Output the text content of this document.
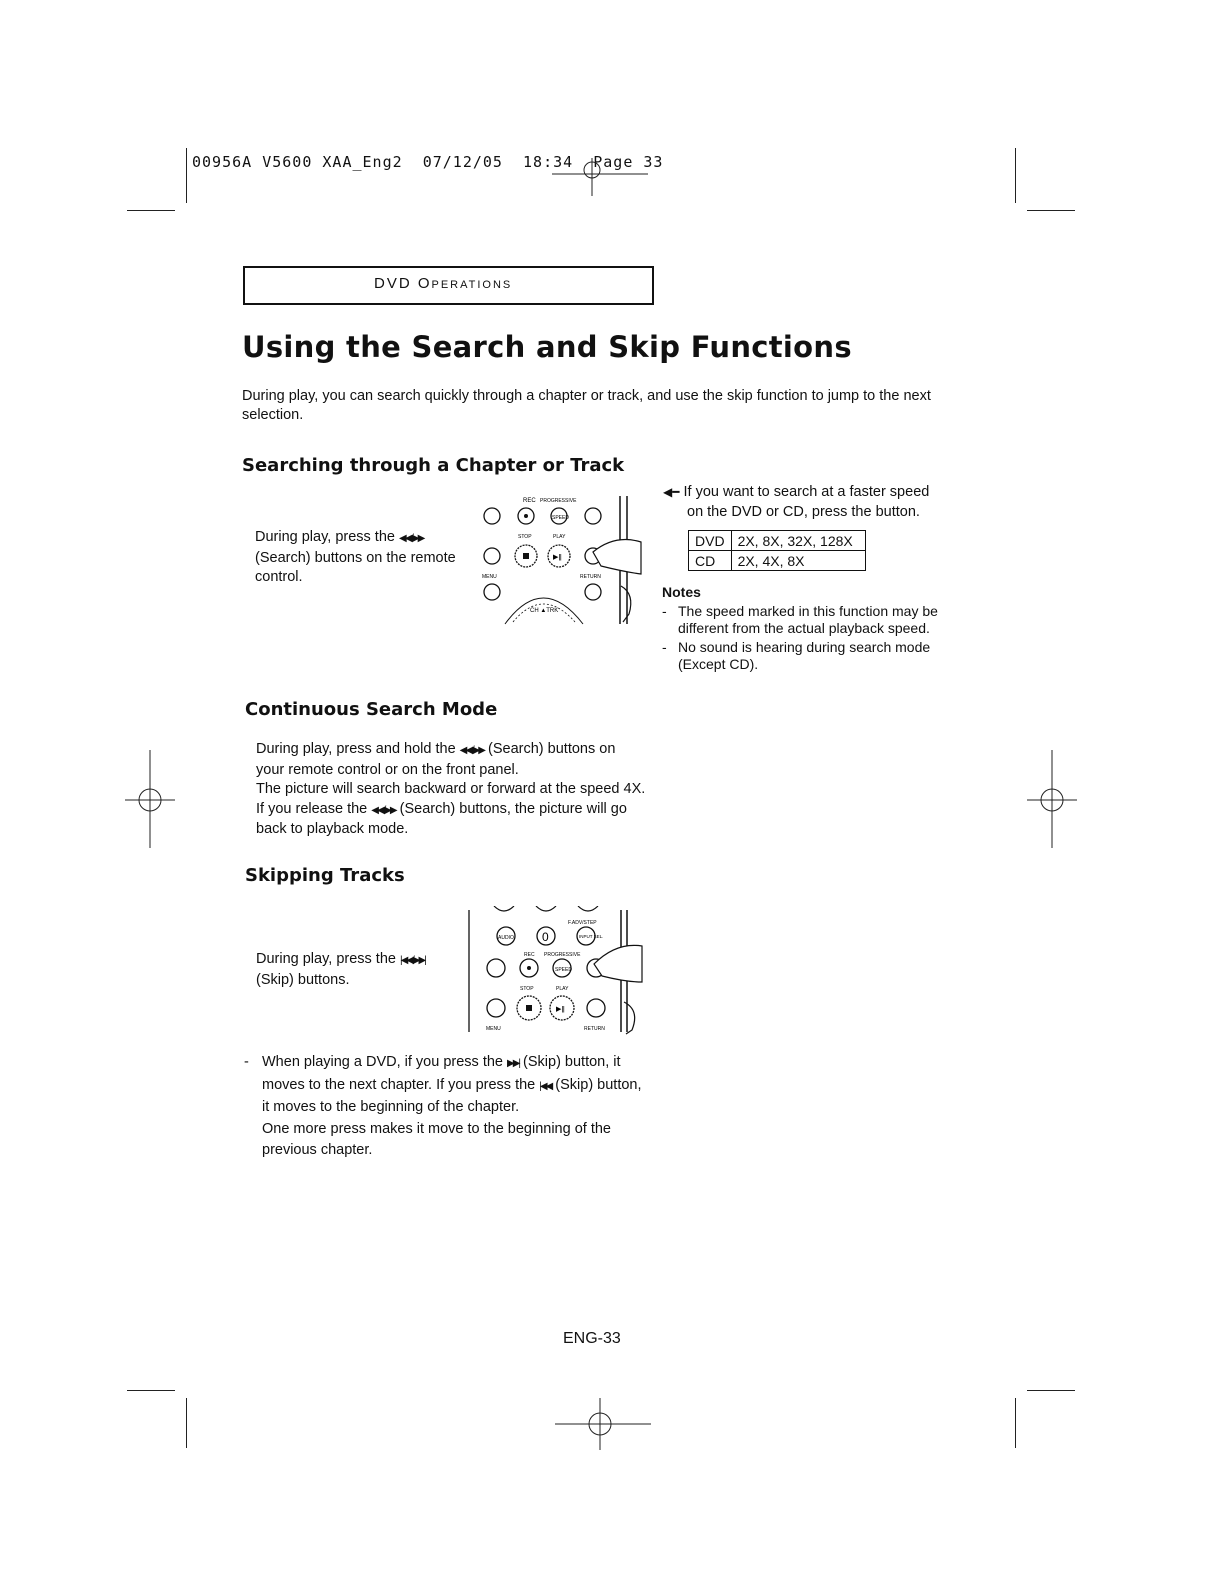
00956A V5600 XAA_Eng2  07/12/05  18:34  Page 33
DVD Operations
Using the Search and Skip Functions
During play, you can search quickly through a chapter or track, and use the skip function to jump to the next selection.
Searching through a Chapter or Track
During play, press the ◀◀ /▶▶ (Search) buttons on the remote control.
REC PROGRESSIVE
SPEED
STOP	PLAY
▶ǁ
MENU	RETURN
CH ▲TRK
◀━ If you want to search at a faster speed
on the DVD or CD, press the button.
DVD	2X, 8X, 32X, 128X
CD	2X, 4X, 8X
Notes
- The speed marked in this function may be different from the actual playback speed.
- No sound is hearing during search mode (Except CD).
Continuous Search Mode
During play, press and hold the ◀◀ /▶▶ (Search) buttons on your remote control or on the front panel.
The picture will search backward or forward at the speed 4X.
If you release the ◀◀ /▶▶ (Search) buttons, the picture will go back to playback mode.
Skipping Tracks
During play, press the |◀◀/▶▶|
(Skip) buttons.
F.ADV/STEP
AUDIO 0	INPUT SEL.
REC PROGRESSIVE
SPEED
STOP	PLAY
▶ǁ
MENU	RETURN
- When playing a DVD, if you press the ▶▶| (Skip) button, it moves to the next chapter. If you press the |◀◀ (Skip) button, it moves to the beginning of the chapter.
One more press makes it move to the beginning of the previous chapter.
ENG-33
